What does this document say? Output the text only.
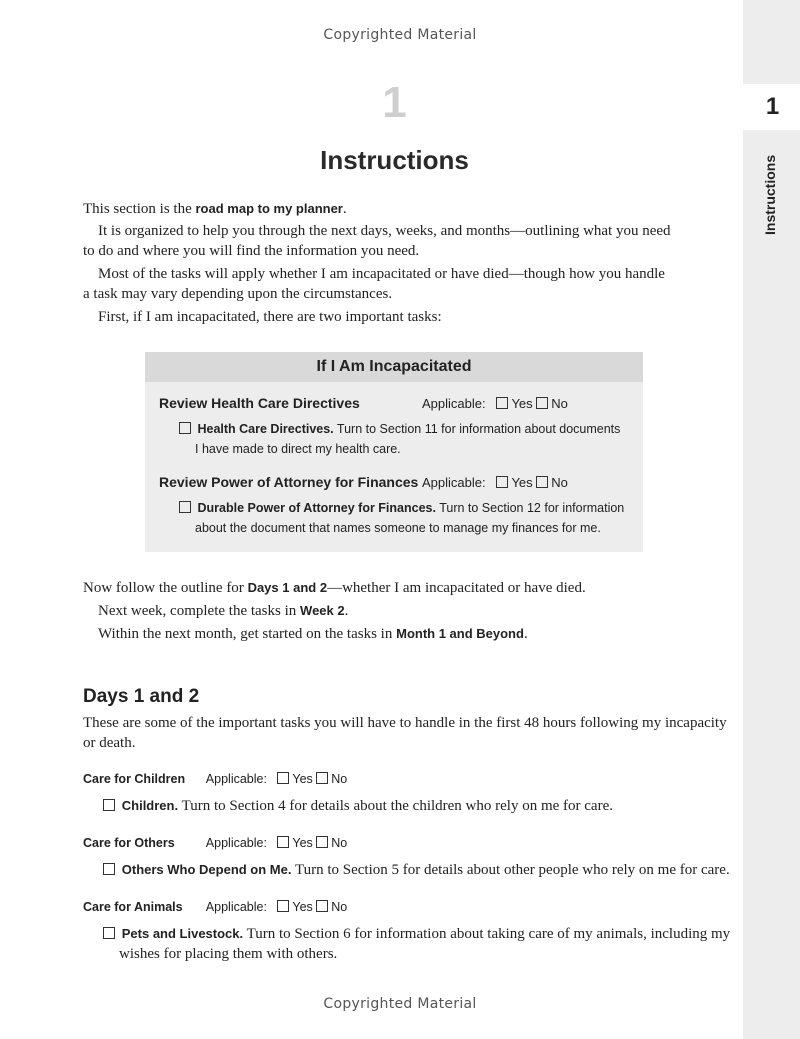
Copyrighted Material
1
Instructions
1
Instructions
This section is the road map to my planner.
It is organized to help you through the next days, weeks, and months—outlining what you need
to do and where you will find the information you need.
Most of the tasks will apply whether I am incapacitated or have died—though how you handle
a task may vary depending upon the circumstances.
First, if I am incapacitated, there are two important tasks:
If I Am Incapacitated
Review Health Care Directives	Applicable: Yes No
Health Care Directives. Turn to Section 11 for information about documents
I have made to direct my health care.
Review Power of Attorney for Finances Applicable: Yes No
Durable Power of Attorney for Finances. Turn to Section 12 for information
about the document that names someone to manage my finances for me.
Now follow the outline for Days 1 and 2—whether I am incapacitated or have died.
Next week, complete the tasks in Week 2.
Within the next month, get started on the tasks in Month 1 and Beyond.
Days 1 and 2
These are some of the important tasks you will have to handle in the first 48 hours following my incapacity
or death.
Care for Children Applicable: Yes No
Children. Turn to Section 4 for details about the children who rely on me for care.
Care for Others Applicable: Yes No
Others Who Depend on Me. Turn to Section 5 for details about other people who rely on me for care.
Care for Animals Applicable: Yes No
Pets and Livestock. Turn to Section 6 for information about taking care of my animals, including my
wishes for placing them with others.
Copyrighted Material
